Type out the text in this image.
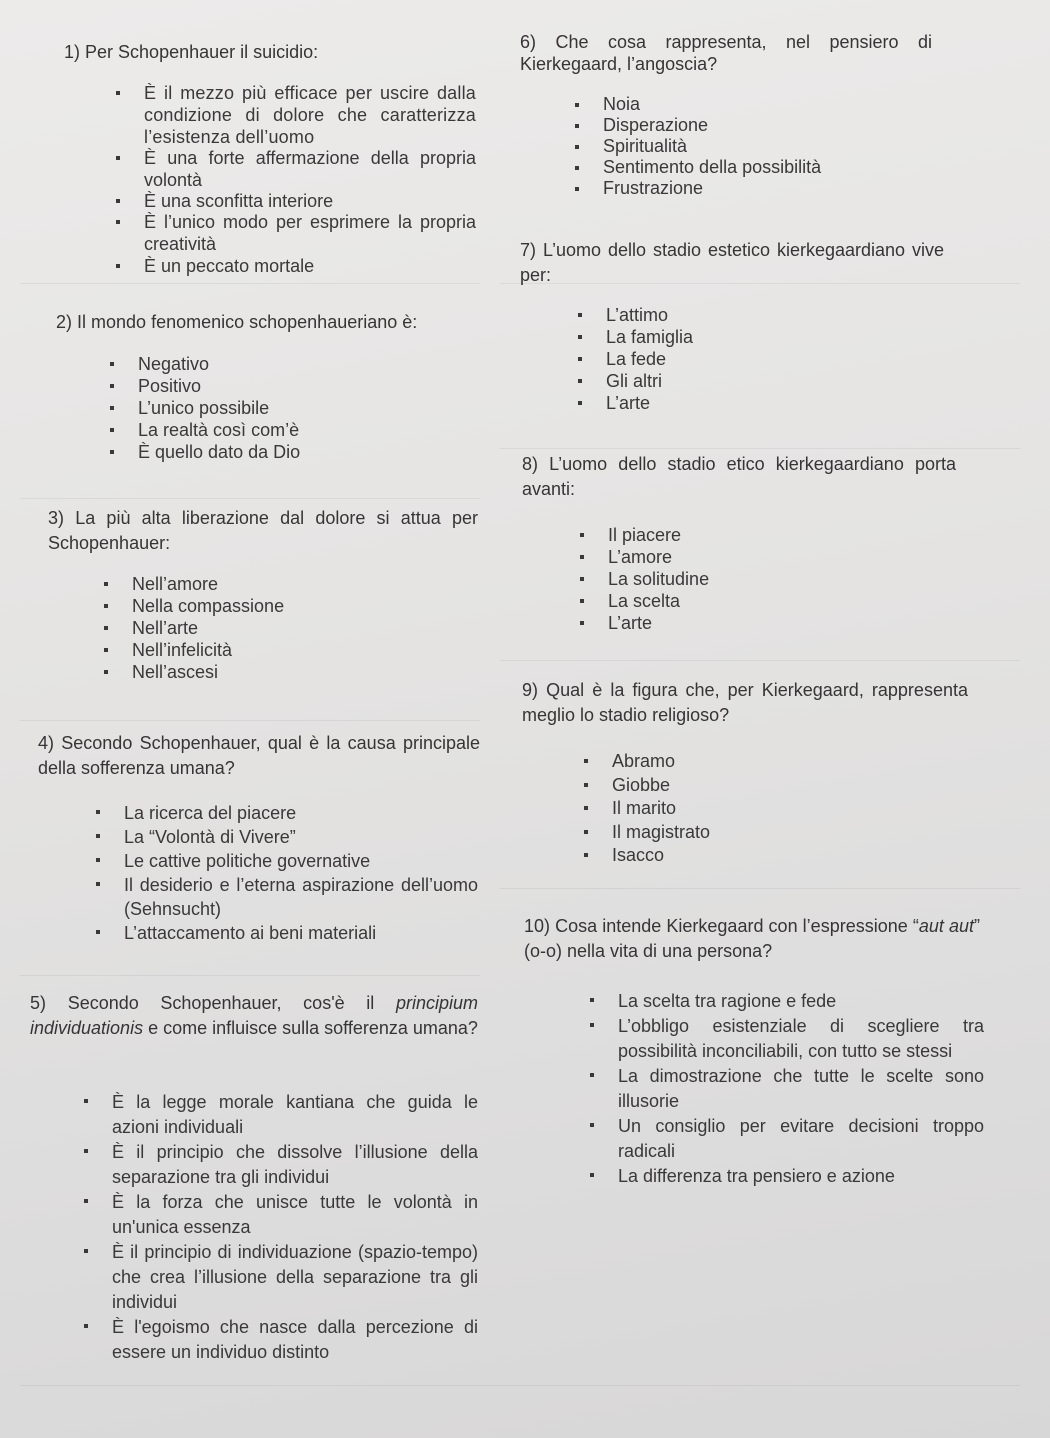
1) Per Schopenhauer il suicidio:

È il mezzo più efficace per uscire dalla condizione di dolore che caratterizza l’esistenza dell’uomo
È una forte affermazione della propria volontà
È una sconfitta interiore
È l’unico modo per esprimere la propria creatività
È un peccato mortale

2) Il mondo fenomenico schopenhaueriano è:

Negativo
Positivo
L’unico possibile
La realtà così com’è
È quello dato da Dio

3) La più alta liberazione dal dolore si attua per Schopenhauer:

Nell’amore
Nella compassione
Nell’arte
Nell’infelicità
Nell’ascesi

4) Secondo Schopenhauer, qual è la causa principale della sofferenza umana?

La ricerca del piacere
La “Volontà di Vivere”
Le cattive politiche governative
Il desiderio e l’eterna aspirazione dell’uomo (Sehnsucht)
L’attaccamento ai beni materiali

5) Secondo Schopenhauer, cos'è il principium individuationis e come influisce sulla sofferenza umana?

È la legge morale kantiana che guida le azioni individuali
È il principio che dissolve l’illusione della separazione tra gli individui
È la forza che unisce tutte le volontà in un'unica essenza
È il principio di individuazione (spazio-tempo) che crea l’illusione della separazione tra gli individui
È l'egoismo che nasce dalla percezione di essere un individuo distinto

6) Che cosa rappresenta, nel pensiero di Kierkegaard, l’angoscia?

Noia
Disperazione
Spiritualità
Sentimento della possibilità
Frustrazione

7) L’uomo dello stadio estetico kierkegaardiano vive per:

L’attimo
La famiglia
La fede
Gli altri
L’arte

8) L’uomo dello stadio etico kierkegaardiano porta avanti:

Il piacere
L’amore
La solitudine
La scelta
L’arte

9) Qual è la figura che, per Kierkegaard, rappresenta meglio lo stadio religioso?

Abramo
Giobbe
Il marito
Il magistrato
Isacco

10) Cosa intende Kierkegaard con l’espressione “aut aut” (o-o) nella vita di una persona?

La scelta tra ragione e fede
L’obbligo esistenziale di scegliere tra possibilità inconciliabili, con tutto se stessi
La dimostrazione che tutte le scelte sono illusorie
Un consiglio per evitare decisioni troppo radicali
La differenza tra pensiero e azione
